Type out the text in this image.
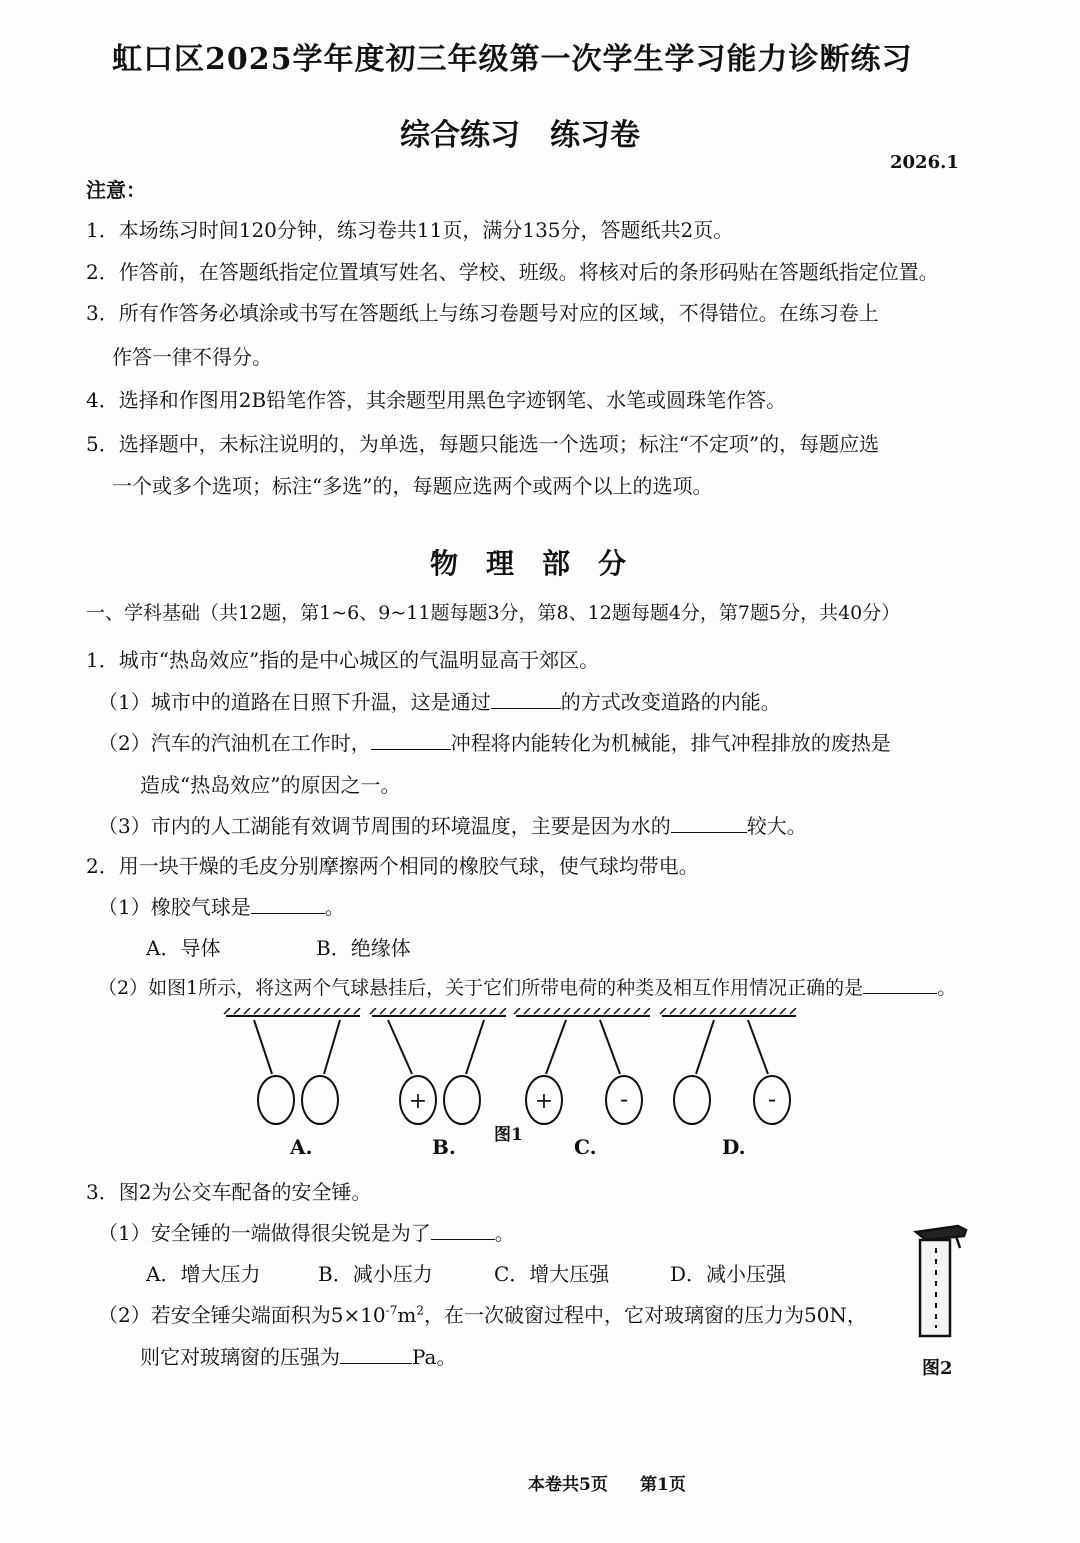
虹口区2025学年度初三年级第一次学生学习能力诊断练习
综合练习　练习卷
2026.1
注意：
1．本场练习时间120分钟，练习卷共11页，满分135分，答题纸共2页。
2．作答前，在答题纸指定位置填写姓名、学校、班级。将核对后的条形码贴在答题纸指定位置。
3．所有作答务必填涂或书写在答题纸上与练习卷题号对应的区域，不得错位。在练习卷上
作答一律不得分。
4．选择和作图用2B铅笔作答，其余题型用黑色字迹钢笔、水笔或圆珠笔作答。
5．选择题中，未标注说明的，为单选，每题只能选一个选项；标注“不定项”的，每题应选
一个或多个选项；标注“多选”的，每题应选两个或两个以上的选项。
物　理　部　分
一、学科基础（共12题，第1~6、9~11题每题3分，第8、12题每题4分，第7题5分，共40分）
1．城市“热岛效应”指的是中心城区的气温明显高于郊区。
（1）城市中的道路在日照下升温，这是通过	的方式改变道路的内能。
（2）汽车的汽油机在工作时，	冲程将内能转化为机械能，排气冲程排放的废热是
造成“热岛效应”的原因之一。
（3）市内的人工湖能有效调节周围的环境温度，主要是因为水的	较大。
2．用一块干燥的毛皮分别摩擦两个相同的橡胶气球，使气球均带电。
（1）橡胶气球是	。
A．导体	B．绝缘体
（2）如图1所示，将这两个气球悬挂后，关于它们所带电荷的种类及相互作用情况正确的是	。
+	+	-	-
A.	B. 图1	C.	D.
3．图2为公交车配备的安全锤。
（1）安全锤的一端做得很尖锐是为了	。
A．增大压力	B．减小压力	C．增大压强	D．减小压强
（2）若安全锤尖端面积为$5\times 10^{-7}m^2$，在一次破窗过程中，它对玻璃窗的压力为50N，
则它对玻璃窗的压强为	Pa。	图2
本卷共5页 第1页
